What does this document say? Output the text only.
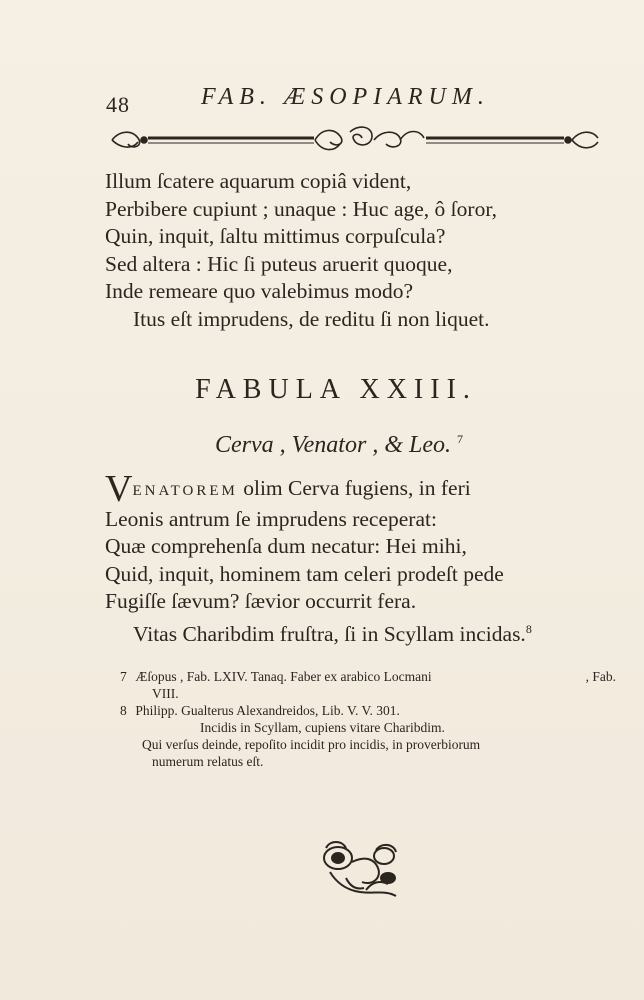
48	FAB. ÆSOPIARUM.
Illum ſcatere aquarum copiâ vident,
Perbibere cupiunt ; unaque : Huc age, ô ſoror,
Quin, inquit, ſaltu mittimus corpuſcula?
Sed altera : Hic ſi puteus aruerit quoque,
Inde remeare quo valebimus modo?
Itus eſt imprudens, de reditu ſi non liquet.
FABULA XXIII.
Cerva , Venator , & Leo. $^7$
VENATOREM olim Cerva fugiens, in feri
Leonis antrum ſe imprudens receperat:
Quæ comprehenſa dum necatur: Hei mihi,
Quid, inquit, hominem tam celeri prodeſt pede
Fugiſſe ſævum? ſævior occurrit fera.
Vitas Charibdim fruſtra, ſi in Scyllam incidas.$^8$
7 Æſopus , Fab. LXIV. Tanaq. Faber ex arabico Locmani	, Fab.
VIII.
8 Philipp. Gualterus Alexandreidos, Lib. V. V. 301.
Incidis in Scyllam, cupiens vitare Charibdim.
Qui verſus deinde, repoſito incidit pro incidis, in proverbiorum
numerum relatus eſt.
